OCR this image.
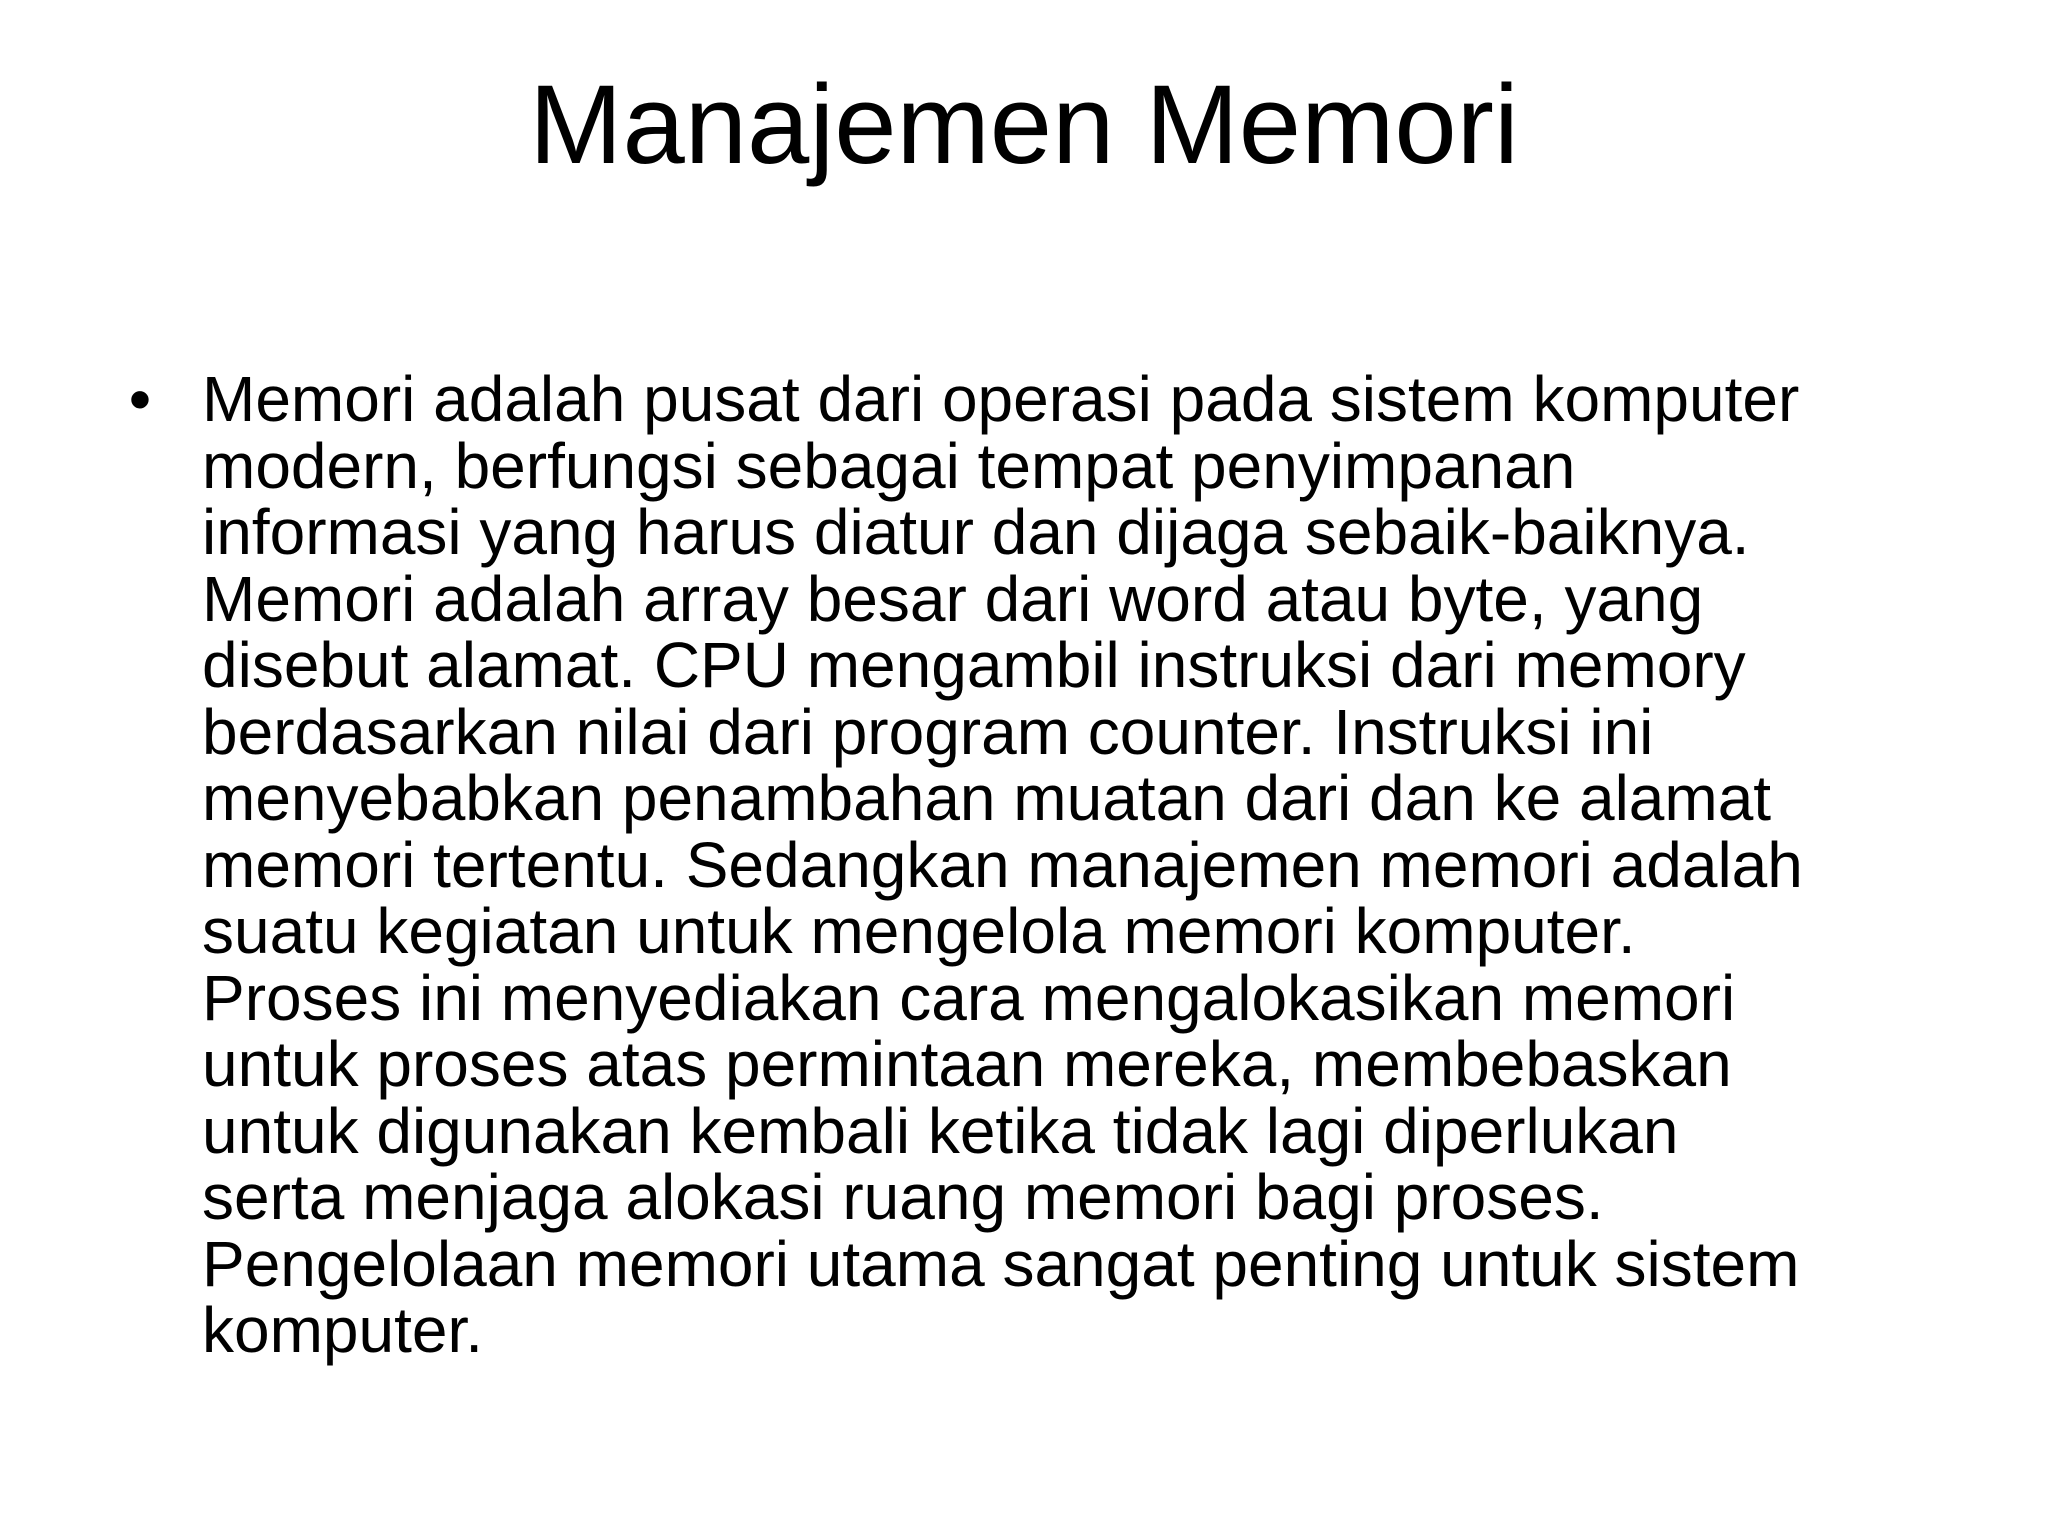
Manajemen Memori
• Memori adalah pusat dari operasi pada sistem komputer
modern, berfungsi sebagai tempat penyimpanan
informasi yang harus diatur dan dijaga sebaik-baiknya.
Memori adalah array besar dari word atau byte, yang
disebut alamat. CPU mengambil instruksi dari memory
berdasarkan nilai dari program counter. Instruksi ini
menyebabkan penambahan muatan dari dan ke alamat
memori tertentu. Sedangkan manajemen memori adalah
suatu kegiatan untuk mengelola memori komputer.
Proses ini menyediakan cara mengalokasikan memori
untuk proses atas permintaan mereka, membebaskan
untuk digunakan kembali ketika tidak lagi diperlukan
serta menjaga alokasi ruang memori bagi proses.
Pengelolaan memori utama sangat penting untuk sistem
komputer.
